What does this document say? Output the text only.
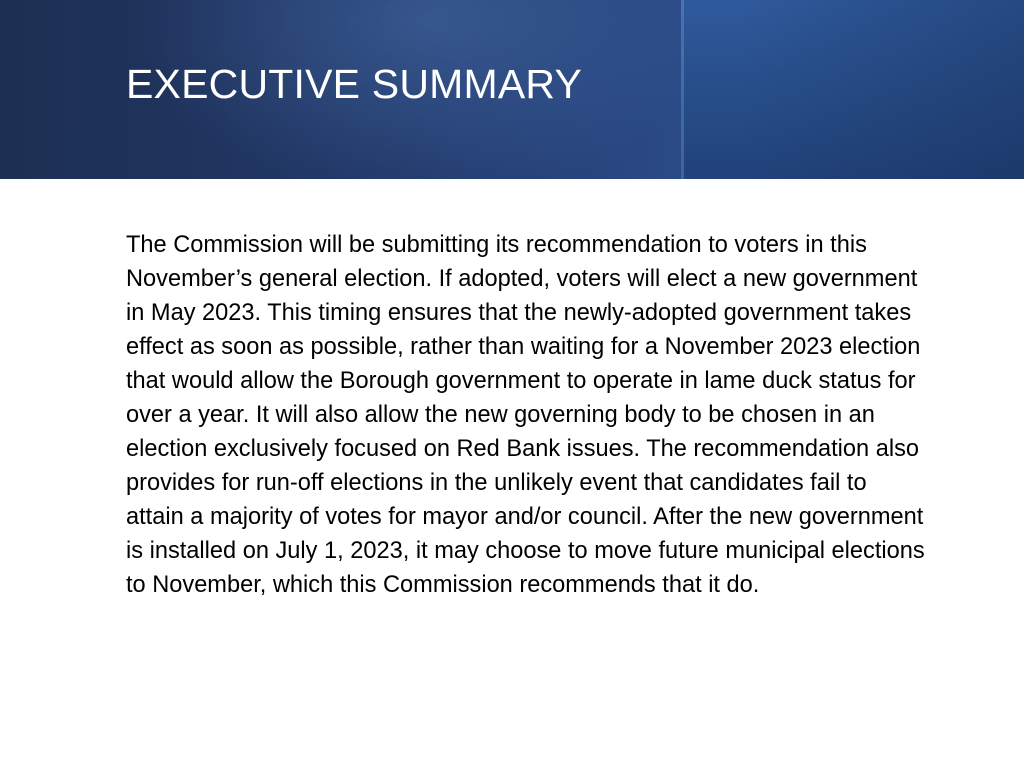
EXECUTIVE SUMMARY

The Commission will be submitting its recommendation to voters in this November’s general election. If adopted, voters will elect a new government in May 2023. This timing ensures that the newly-adopted government takes effect as soon as possible, rather than waiting for a November 2023 election that would allow the Borough government to operate in lame duck status for over a year. It will also allow the new governing body to be chosen in an election exclusively focused on Red Bank issues. The recommendation also provides for run-off elections in the unlikely event that candidates fail to attain a majority of votes for mayor and/or council. After the new government is installed on July 1, 2023, it may choose to move future municipal elections to November, which this Commission recommends that it do.
